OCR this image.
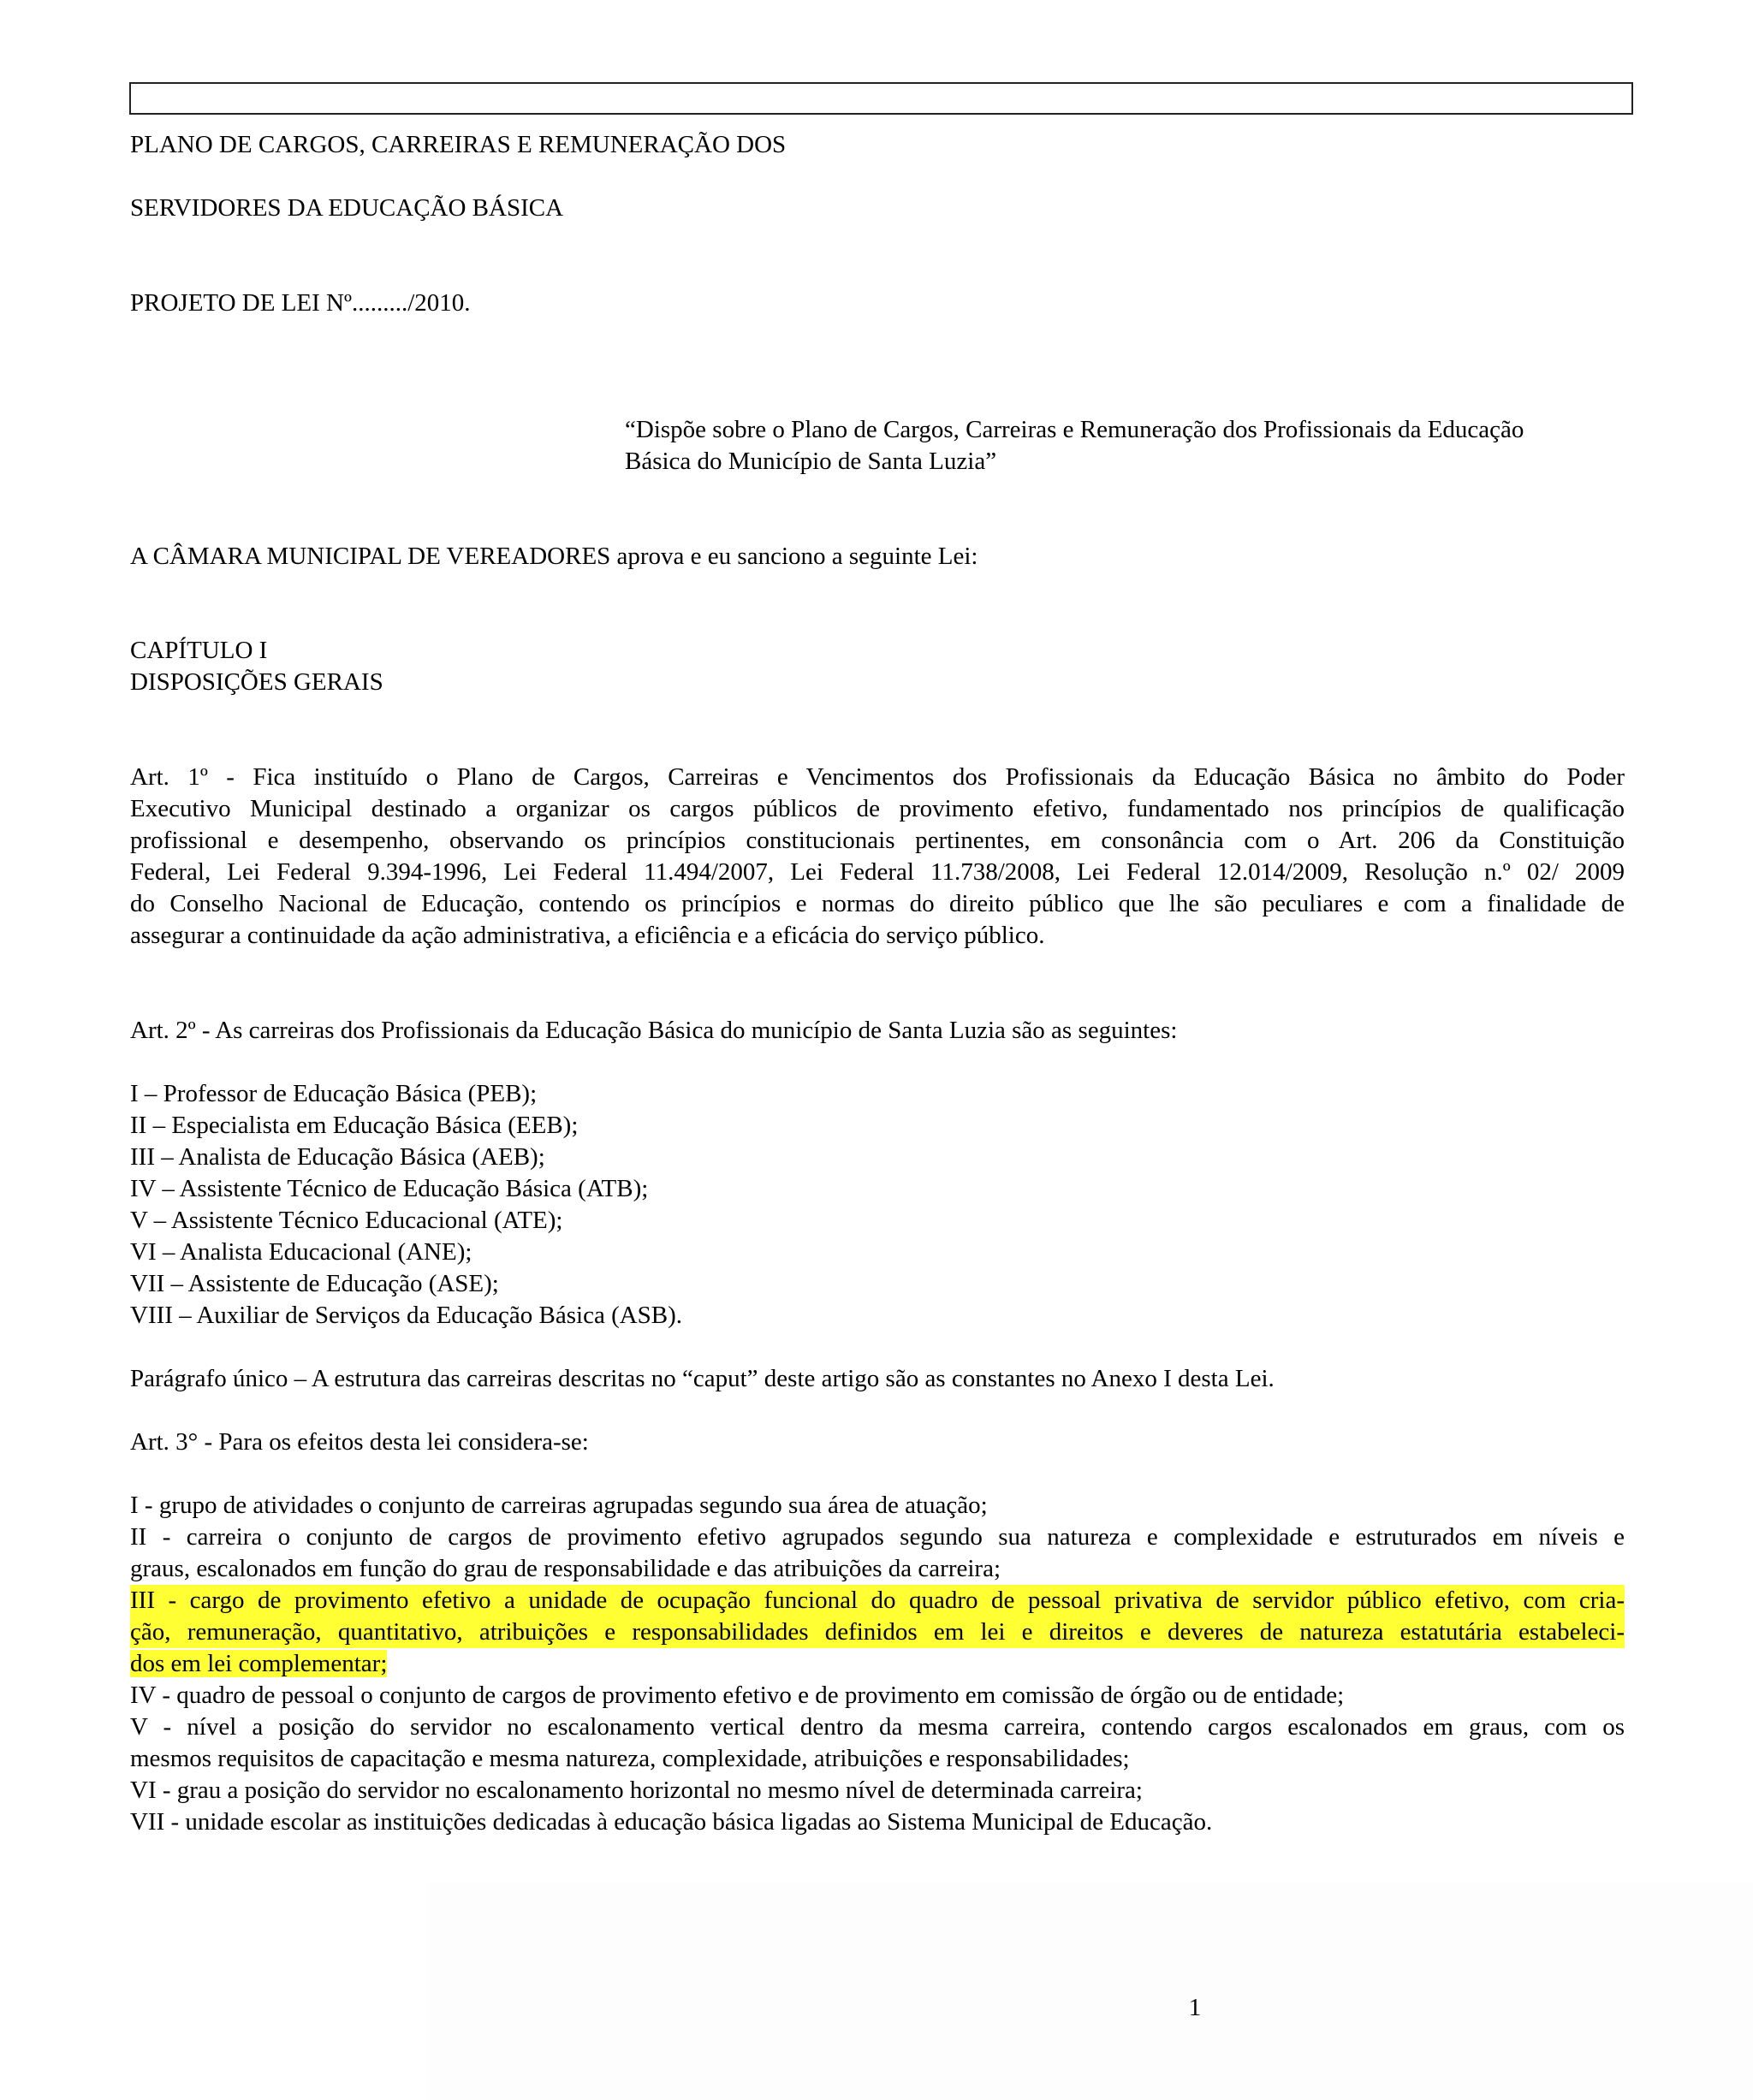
PLANO DE CARGOS, CARREIRAS E REMUNERAÇÃO DOS

SERVIDORES DA EDUCAÇÃO BÁSICA

PROJETO DE LEI Nº........./2010.

“Dispõe sobre o Plano de Cargos, Carreiras e Remuneração dos Profissionais da Educação
Básica do Município de Santa Luzia”

A CÂMARA MUNICIPAL DE VEREADORES aprova e eu sanciono a seguinte Lei:

CAPÍTULO I
DISPOSIÇÕES GERAIS
Art. 1º - Fica instituído o Plano de Cargos, Carreiras e Vencimentos dos Profissionais da Educação Básica no âmbito do Poder
Executivo Municipal destinado a organizar os cargos públicos de provimento efetivo, fundamentado nos princípios de qualificação
profissional e desempenho, observando os princípios constitucionais pertinentes, em consonância com o Art. 206 da Constituição
Federal, Lei Federal 9.394-1996, Lei Federal 11.494/2007, Lei Federal 11.738/2008, Lei Federal 12.014/2009, Resolução n.º 02/ 2009
do Conselho Nacional de Educação, contendo os princípios e normas do direito público que lhe são peculiares e com a finalidade de
assegurar a continuidade da ação administrativa, a eficiência e a eficácia do serviço público.

Art. 2º - As carreiras dos Profissionais da Educação Básica do município de Santa Luzia são as seguintes:

I – Professor de Educação Básica (PEB);
II – Especialista em Educação Básica (EEB);
III – Analista de Educação Básica (AEB);
IV – Assistente Técnico de Educação Básica (ATB);
V – Assistente Técnico Educacional (ATE);
VI – Analista Educacional (ANE);
VII – Assistente de Educação (ASE);
VIII – Auxiliar de Serviços da Educação Básica (ASB).

Parágrafo único – A estrutura das carreiras descritas no “caput” deste artigo são as constantes no Anexo I desta Lei.

Art. 3° - Para os efeitos desta lei considera-se:

I - grupo de atividades o conjunto de carreiras agrupadas segundo sua área de atuação;
II - carreira o conjunto de cargos de provimento efetivo agrupados segundo sua natureza e complexidade e estruturados em níveis e
graus, escalonados em função do grau de responsabilidade e das atribuições da carreira;
III - cargo de provimento efetivo a unidade de ocupação funcional do quadro de pessoal privativa de servidor público efetivo, com cria-
ção, remuneração, quantitativo, atribuições e responsabilidades definidos em lei e direitos e deveres de natureza estatutária estabeleci-
dos em lei complementar;
IV - quadro de pessoal o conjunto de cargos de provimento efetivo e de provimento em comissão de órgão ou de entidade;
V - nível a posição do servidor no escalonamento vertical dentro da mesma carreira, contendo cargos escalonados em graus, com os
mesmos requisitos de capacitação e mesma natureza, complexidade, atribuições e responsabilidades;
VI - grau a posição do servidor no escalonamento horizontal no mesmo nível de determinada carreira;
VII - unidade escolar as instituições dedicadas à educação básica ligadas ao Sistema Municipal de Educação.
1
